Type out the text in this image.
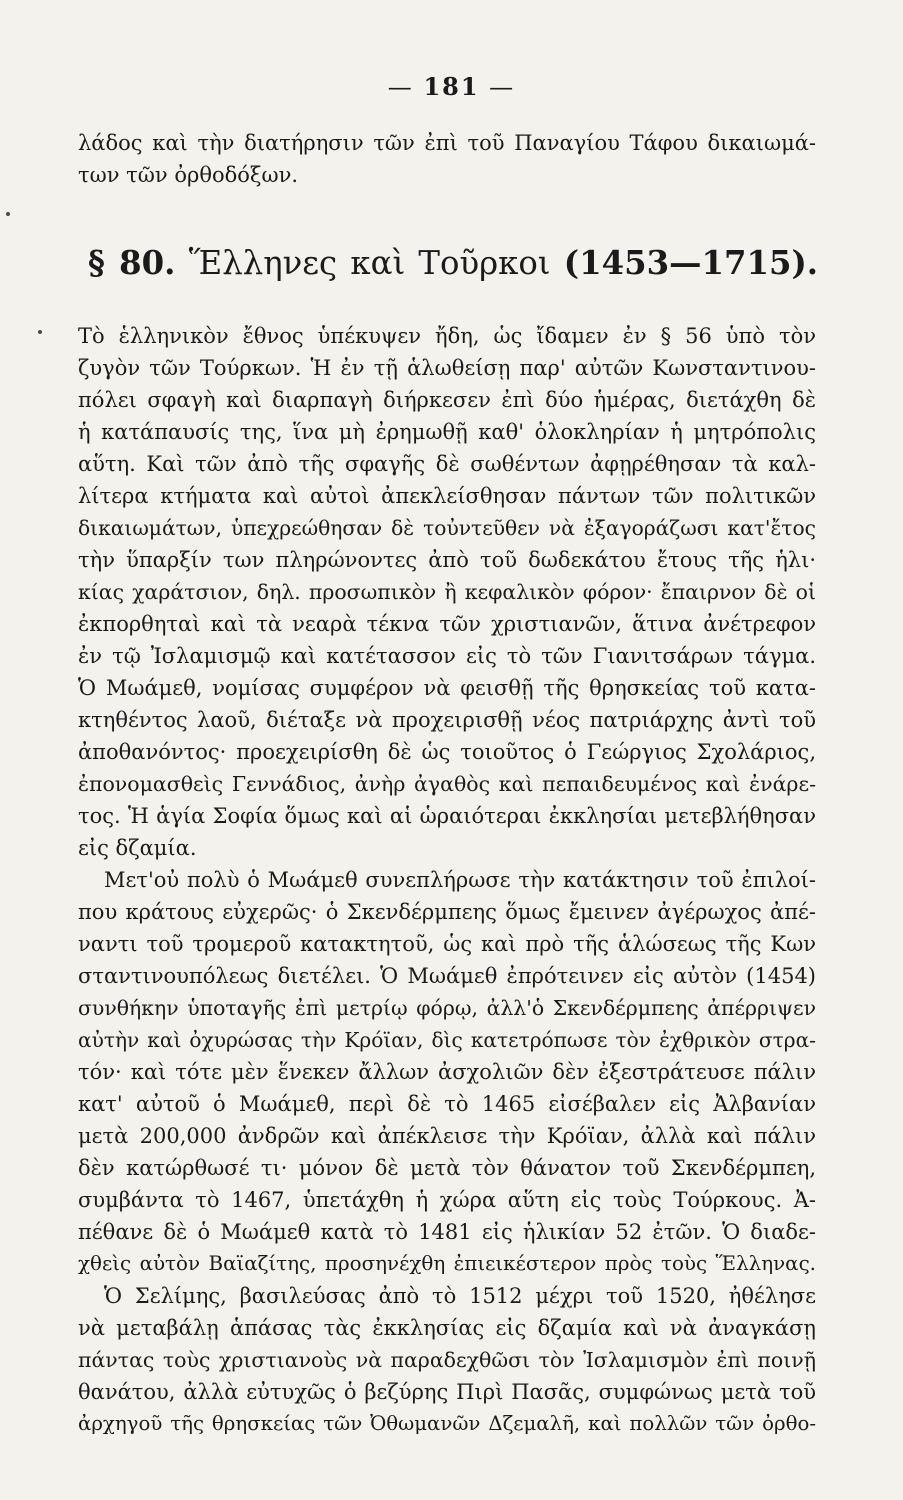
— 181 —
λάδος καὶ τὴν διατήρησιν τῶν ἐπὶ τοῦ Παναγίου Τάφου δικαιωμά-
των τῶν ὀρθοδόξων.
§ 80. Ἕλληνες καὶ Τοῦρκοι (1453—1715).
Τὸ ἑλληνικὸν ἔθνος ὑπέκυψεν ἤδη, ὡς ἴδαμεν ἐν § 56 ὑπὸ τὸν
ζυγὸν τῶν Τούρκων. Ἡ ἐν τῇ ἁλωθείσῃ παρ' αὐτῶν Κωνσταντινου-
πόλει σφαγὴ καὶ διαρπαγὴ διήρκεσεν ἐπὶ δύο ἡμέρας, διετάχθη δὲ
ἡ κατάπαυσίς της, ἵνα μὴ ἐρημωθῇ καθ' ὁλοκληρίαν ἡ μητρόπολις
αὕτη. Καὶ τῶν ἀπὸ τῆς σφαγῆς δὲ σωθέντων ἀφῃρέθησαν τὰ καλ-
λίτερα κτήματα καὶ αὐτοὶ ἀπεκλείσθησαν πάντων τῶν πολιτικῶν
δικαιωμάτων, ὑπεχρεώθησαν δὲ τοὐντεῦθεν νὰ ἐξαγοράζωσι κατ'ἔτος
τὴν ὕπαρξίν των πληρώνοντες ἀπὸ τοῦ δωδεκάτου ἔτους τῆς ἡλι·
κίας χαράτσιον, δηλ. προσωπικὸν ἢ κεφαλικὸν φόρον· ἔπαιρνον δὲ οἱ
ἐκπορθηταὶ καὶ τὰ νεαρὰ τέκνα τῶν χριστιανῶν, ἅτινα ἀνέτρεφον
ἐν τῷ Ἰσλαμισμῷ καὶ κατέτασσον εἰς τὸ τῶν Γιανιτσάρων τάγμα.
Ὁ Μωάμεθ, νομίσας συμφέρον νὰ φεισθῇ τῆς θρησκείας τοῦ κατα-
κτηθέντος λαοῦ, διέταξε νὰ προχειρισθῇ νέος πατριάρχης ἀντὶ τοῦ
ἀποθανόντος· προεχειρίσθη δὲ ὡς τοιοῦτος ὁ Γεώργιος Σχολάριος,
ἐπονομασθεὶς Γεννάδιος, ἀνὴρ ἀγαθὸς καὶ πεπαιδευμένος καὶ ἐνάρε-
τος. Ἡ ἁγία Σοφία ὅμως καὶ αἱ ὡραιότεραι ἐκκλησίαι μετεβλήθησαν
εἰς δζαμία.
Μετ'οὐ πολὺ ὁ Μωάμεθ συνεπλήρωσε τὴν κατάκτησιν τοῦ ἐπιλοί-
που κράτους εὐχερῶς· ὁ Σκενδέρμπεης ὅμως ἔμεινεν ἀγέρωχος ἀπέ-
ναντι τοῦ τρομεροῦ κατακτητοῦ, ὡς καὶ πρὸ τῆς ἁλώσεως τῆς Κων
σταντινουπόλεως διετέλει. Ὁ Μωάμεθ ἐπρότεινεν εἰς αὐτὸν (1454)
συνθήκην ὑποταγῆς ἐπὶ μετρίῳ φόρῳ, ἀλλ'ὁ Σκενδέρμπεης ἀπέρριψεν
αὐτὴν καὶ ὀχυρώσας τὴν Κρόϊαν, δὶς κατετρόπωσε τὸν ἐχθρικὸν στρα-
τόν· καὶ τότε μὲν ἕνεκεν ἄλλων ἀσχολιῶν δὲν ἐξεστράτευσε πάλιν
κατ' αὐτοῦ ὁ Μωάμεθ, περὶ δὲ τὸ 1465 εἰσέβαλεν εἰς Ἀλβανίαν
μετὰ 200,000 ἀνδρῶν καὶ ἀπέκλεισε τὴν Κρόϊαν, ἀλλὰ καὶ πάλιν
δὲν κατώρθωσέ τι· μόνον δὲ μετὰ τὸν θάνατον τοῦ Σκενδέρμπεη,
συμβάντα τὸ 1467, ὑπετάχθη ἡ χώρα αὕτη εἰς τοὺς Τούρκους. Ἀ-
πέθανε δὲ ὁ Μωάμεθ κατὰ τὸ 1481 εἰς ἡλικίαν 52 ἐτῶν. Ὁ διαδε-
χθεὶς αὐτὸν Βαϊαζίτης, προσηνέχθη ἐπιεικέστερον πρὸς τοὺς Ἕλληνας.
Ὁ Σελίμης, βασιλεύσας ἀπὸ τὸ 1512 μέχρι τοῦ 1520, ἠθέλησε
νὰ μεταβάλῃ ἁπάσας τὰς ἐκκλησίας εἰς δζαμία καὶ νὰ ἀναγκάσῃ
πάντας τοὺς χριστιανοὺς νὰ παραδεχθῶσι τὸν Ἰσλαμισμὸν ἐπὶ ποινῇ
θανάτου, ἀλλὰ εὐτυχῶς ὁ βεζύρης Πιρὶ Πασᾶς, συμφώνως μετὰ τοῦ
ἀρχηγοῦ τῆς θρησκείας τῶν Ὀθωμανῶν Δζεμαλῆ, καὶ πολλῶν τῶν ὀρθο-
